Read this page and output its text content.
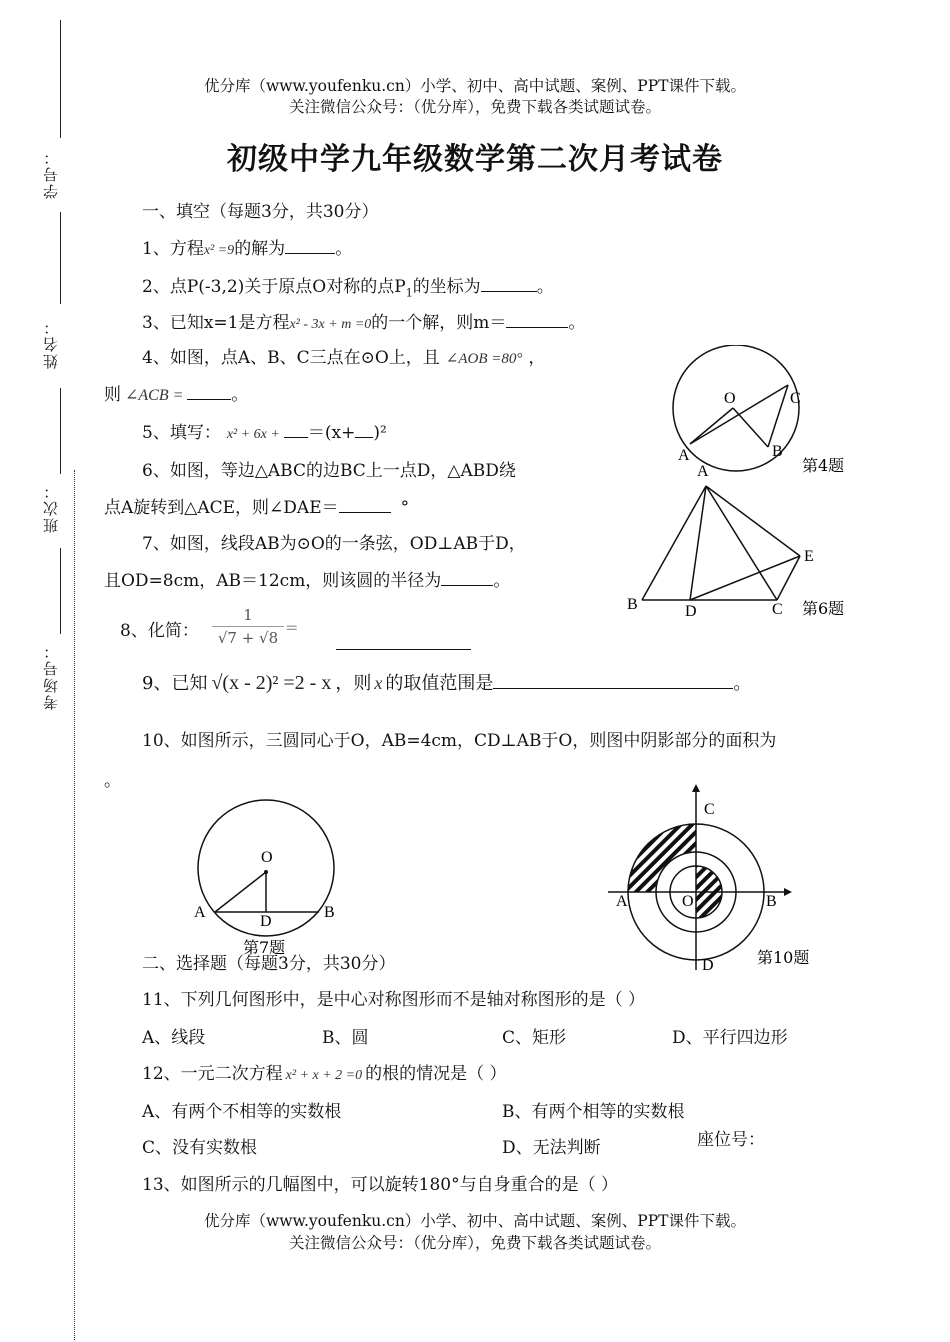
学号：
姓名：
班次：
考场号：
优分库（www.youfenku.cn）小学、初中、高中试题、案例、PPT课件下载。
关注微信公众号：（优分库），免费下载各类试题试卷。
初级中学九年级数学第二次月考试卷
一、填空（每题3分，共30分）
1、方程x² =9的解为	。
2、点P(-3,2)关于原点O对称的点$P_1$的坐标为	。
3、已知x=1是方程x² - 3x + m =0的一个解，则m＝	。
4、如图，点A、B、C三点在⊙O上，且 ∠AOB =80° ，
则 ∠ACB =	。
5、填写： x² + 6x + ＝(x+ )²
6、如图，等边△ABC的边BC上一点D，△ABD绕
点A旋转到△ACE，则∠DAE＝	°
7、如图，线段AB为⊙O的一条弦，OD⊥AB于D，
且OD=8cm，AB＝12cm，则该圆的半径为	。
8、化简：
1
√7 + √8
=
9、已知 √(x - 2)² =2 - x ，则 x 的取值范围是	。
10、如图所示，三圆同心于O，AB=4cm，CD⊥AB于O，则图中阴影部分的面积为
。
O
A	B
C
第4题
A
B	D	C
E
第6题
O
A	B
D
第7题
C
A	O	B
D	第10题
二、选择题（每题3分，共30分）
11、下列几何图形中，是中心对称图形而不是轴对称图形的是（ ）
A、线段	B、圆	C、矩形	D、平行四边形
12、一元二次方程 x² + x + 2 =0 的根的情况是（ ）
A、有两个不相等的实数根	B、有两个相等的实数根
C、没有实数根	D、无法判断	座位号：
13、如图所示的几幅图中，可以旋转180°与自身重合的是（ ）
优分库（www.youfenku.cn）小学、初中、高中试题、案例、PPT课件下载。
关注微信公众号：（优分库），免费下载各类试题试卷。
